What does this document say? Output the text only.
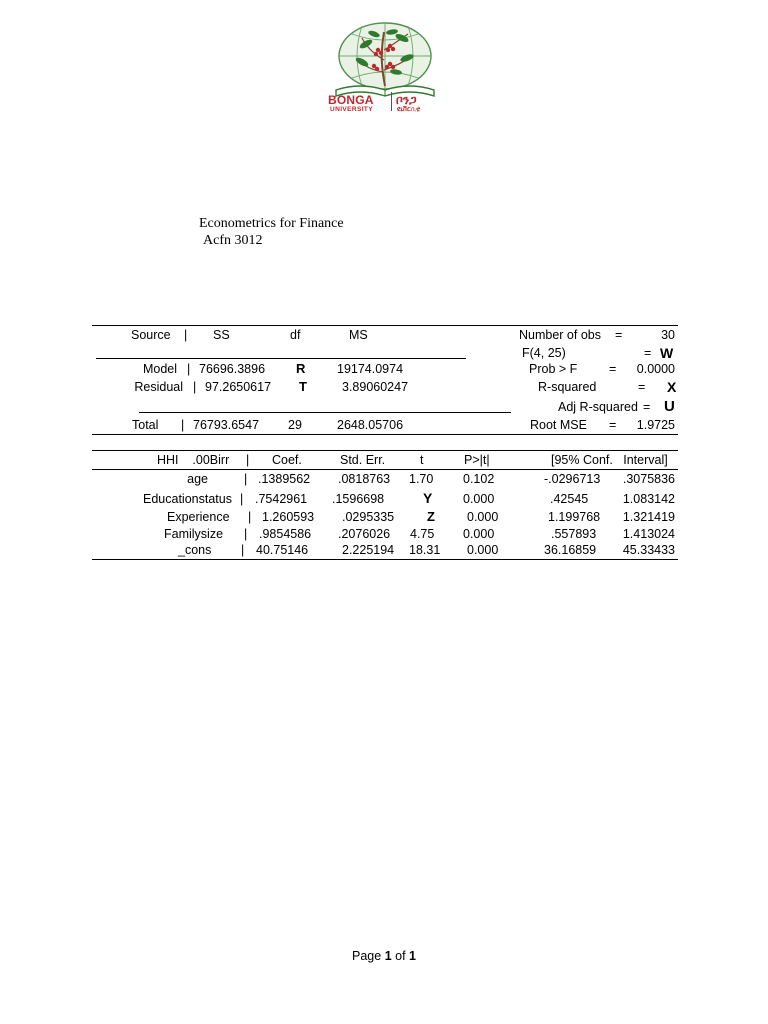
BONGA ቦንጋ
UNIVERSITY	ዩኒቨርሲቲ
Econometrics for Finance
Acfn 3012
Source | SS	df	MS
Model | 76696.3896 R	19174.0974
Residual | 97.2650617 T	3.89060247
Total | 76793.6547 29	2648.05706
Number of obs =	30
F(4, 25)	= W
Prob > F	=	0.0000
R-squared	= X
Adj R-squared = U
Root MSE =	1.9725
HHI    .00Birr | Coef.	Std. Err.	t	P>|t|	[95% Conf.   Interval]
age	| .1389562 .0818763 1.70 0.102	-.0296713	.3075836
Educationstatus | .7542961 .1596698	Y 0.000	.42545	1.083142
Experience | 1.260593 .0295335	Z	0.000	1.199768	1.321419
Familysize | .9854586 .2076026 4.75 0.000	.557893	1.413024
_cons | 40.75146	2.225194 18.31 0.000	36.16859	45.33433
Page 1 of 1
